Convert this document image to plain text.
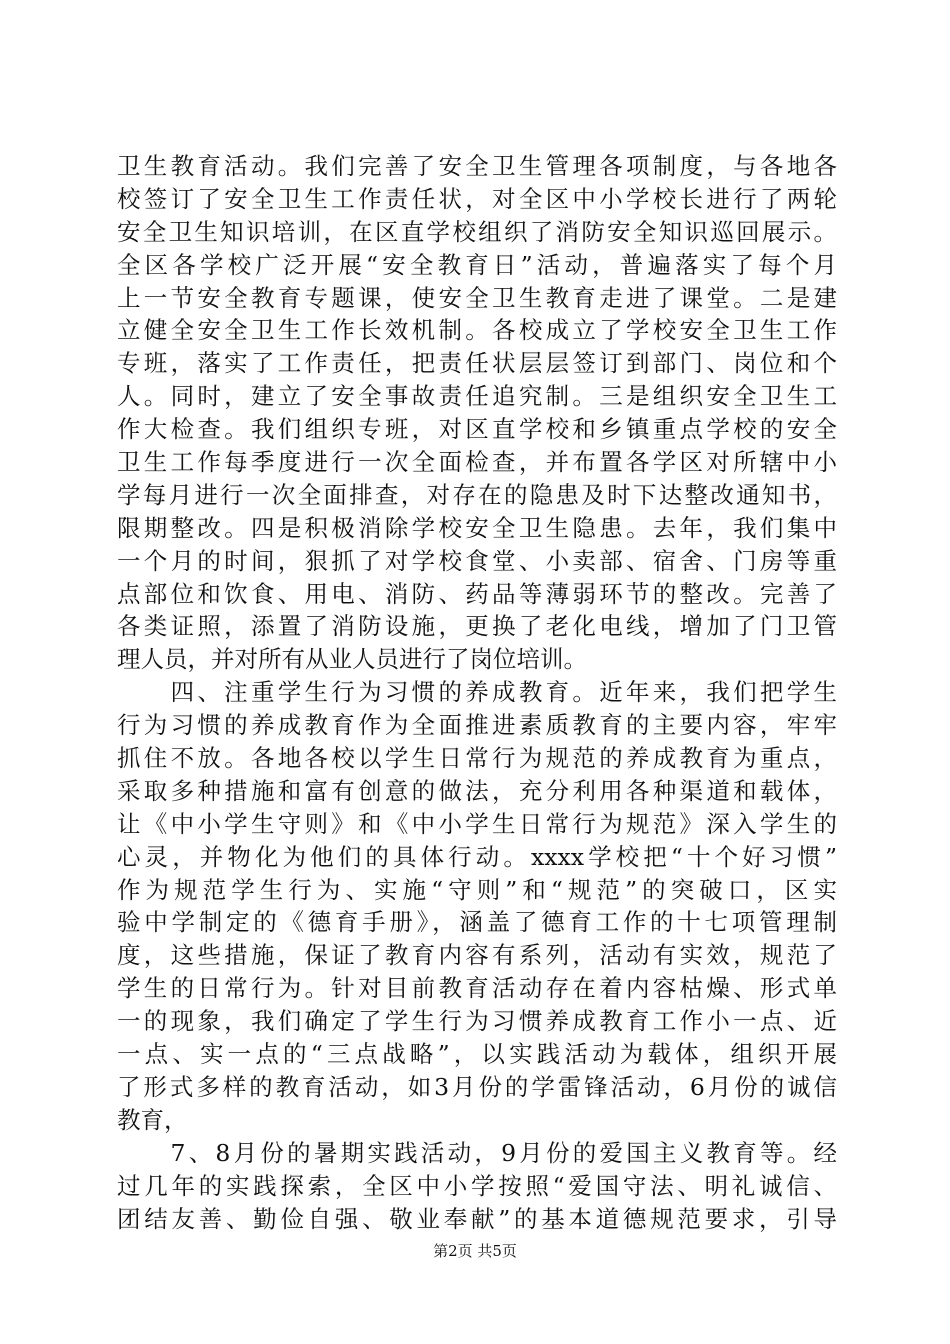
卫生教育活动。我们完善了安全卫生管理各项制度，与各地各
校签订了安全卫生工作责任状，对全区中小学校长进行了两轮
安全卫生知识培训，在区直学校组织了消防安全知识巡回展示。
全区各学校广泛开展“安全教育日”活动，普遍落实了每个月
上一节安全教育专题课，使安全卫生教育走进了课堂。二是建
立健全安全卫生工作长效机制。各校成立了学校安全卫生工作
专班，落实了工作责任，把责任状层层签订到部门、岗位和个
人。同时，建立了安全事故责任追究制。三是组织安全卫生工
作大检查。我们组织专班，对区直学校和乡镇重点学校的安全
卫生工作每季度进行一次全面检查，并布置各学区对所辖中小
学每月进行一次全面排查，对存在的隐患及时下达整改通知书，
限期整改。四是积极消除学校安全卫生隐患。去年，我们集中
一个月的时间，狠抓了对学校食堂、小卖部、宿舍、门房等重
点部位和饮食、用电、消防、药品等薄弱环节的整改。完善了
各类证照，添置了消防设施，更换了老化电线，增加了门卫管
理人员，并对所有从业人员进行了岗位培训。
　　四、注重学生行为习惯的养成教育。近年来，我们把学生
行为习惯的养成教育作为全面推进素质教育的主要内容，牢牢
抓住不放。各地各校以学生日常行为规范的养成教育为重点，
采取多种措施和富有创意的做法，充分利用各种渠道和载体，
让《中小学生守则》和《中小学生日常行为规范》深入学生的
心灵，并物化为他们的具体行动。xxxx学校把“十个好习惯”
作为规范学生行为、实施“守则”和“规范”的突破口，区实
验中学制定的《德育手册》，涵盖了德育工作的十七项管理制
度，这些措施，保证了教育内容有系列，活动有实效，规范了
学生的日常行为。针对目前教育活动存在着内容枯燥、形式单
一的现象，我们确定了学生行为习惯养成教育工作小一点、近
一点、实一点的“三点战略”，以实践活动为载体，组织开展
了形式多样的教育活动，如3月份的学雷锋活动，6月份的诚信
教育，
　　7、8月份的暑期实践活动，9月份的爱国主义教育等。经
过几年的实践探索，全区中小学按照“爱国守法、明礼诚信、
团结友善、勤俭自强、敬业奉献”的基本道德规范要求，引导
第2页 共5页
